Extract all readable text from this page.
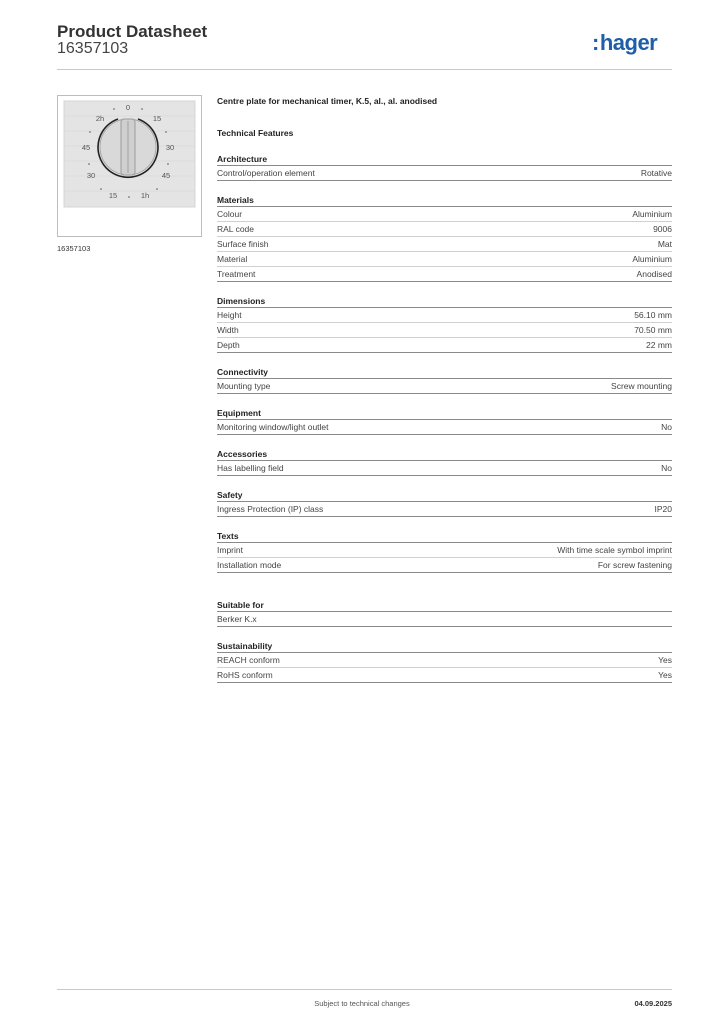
Product Datasheet
16357103	:hager
0
15
30
45
1h
15
30
45
2h
16357103
Centre plate for mechanical timer, K.5, al., al. anodised
Technical Features
Architecture
Control/operation element	Rotative
Materials
Colour	Aluminium
RAL code	9006
Surface finish	Mat
Material	Aluminium
Treatment	Anodised
Dimensions
Height	56.10 mm
Width	70.50 mm
Depth	22 mm
Connectivity
Mounting type	Screw mounting
Equipment
Monitoring window/light outlet	No
Accessories
Has labelling field	No
Safety
Ingress Protection (IP) class	IP20
Texts
Imprint	With time scale symbol imprint
Installation mode	For screw fastening
Suitable for
Berker K.x
Sustainability
REACH conform	Yes
RoHS conform	Yes
Subject to technical changes	04.09.2025
